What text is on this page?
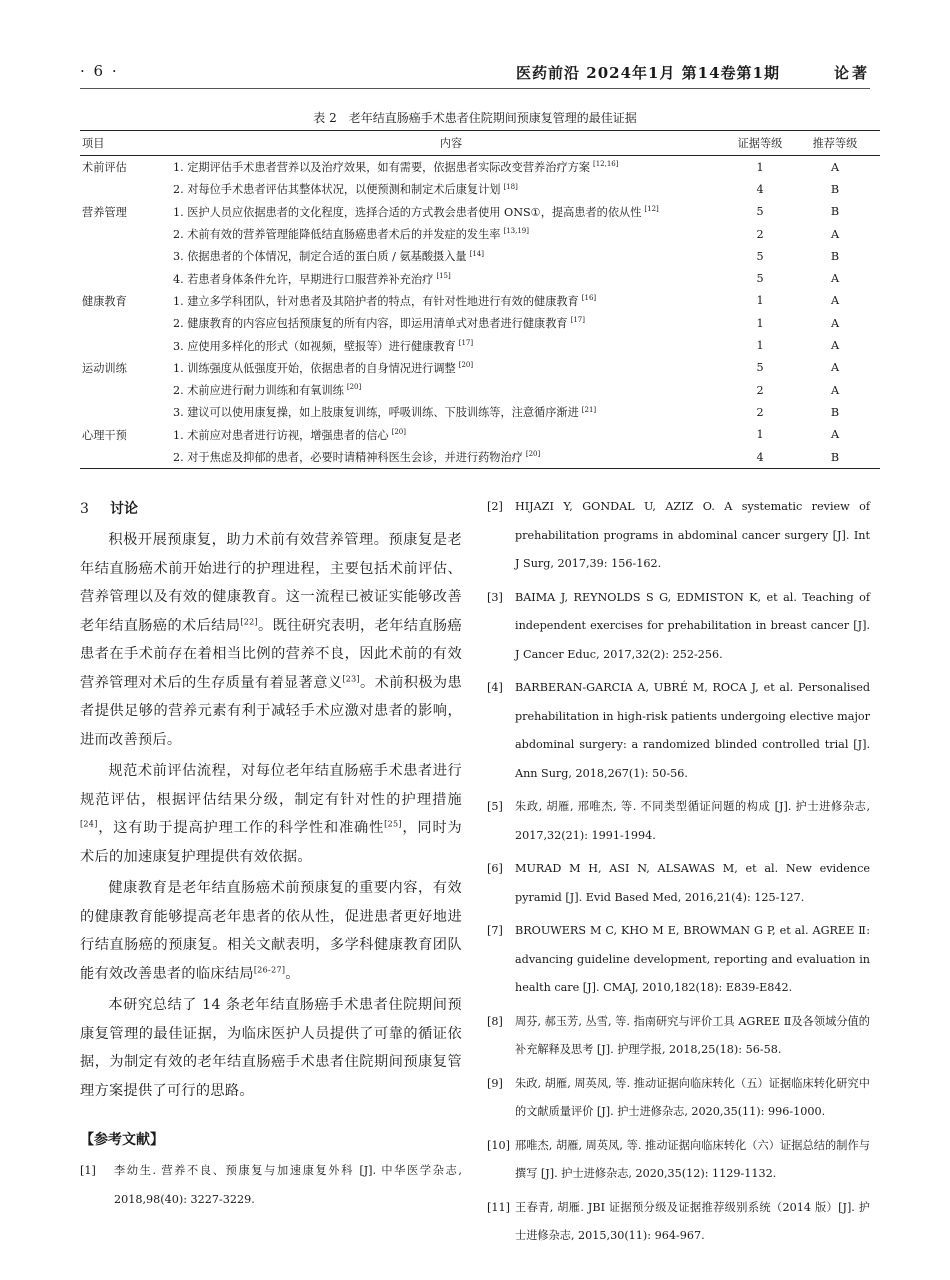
· 6 ·	医药前沿 2024年1月 第14卷第1期	论著
表 2　老年结直肠癌手术患者住院期间预康复管理的最佳证据
项目	内容	证据等级	推荐等级
术前评估	1. 定期评估手术患者营养以及治疗效果，如有需要，依据患者实际改变营养治疗方案 [12,16]	1	A
	2. 对每位手术患者评估其整体状况，以便预测和制定术后康复计划 [18]	4	B
营养管理	1. 医护人员应依据患者的文化程度，选择合适的方式教会患者使用 ONS①，提高患者的依从性 [12]	5	B
	2. 术前有效的营养管理能降低结直肠癌患者术后的并发症的发生率 [13,19]	2	A
	3. 依据患者的个体情况，制定合适的蛋白质 / 氨基酸摄入量 [14]	5	B
	4. 若患者身体条件允许，早期进行口服营养补充治疗 [15]	5	A
健康教育	1. 建立多学科团队，针对患者及其陪护者的特点，有针对性地进行有效的健康教育 [16]	1	A
	2. 健康教育的内容应包括预康复的所有内容，即运用清单式对患者进行健康教育 [17]	1	A
	3. 应使用多样化的形式（如视频，壁报等）进行健康教育 [17]	1	A
运动训练	1. 训练强度从低强度开始，依据患者的自身情况进行调整 [20]	5	A
	2. 术前应进行耐力训练和有氧训练 [20]	2	A
	3. 建议可以使用康复操，如上肢康复训练，呼吸训练、下肢训练等，注意循序渐进 [21]	2	B
心理干预	1. 术前应对患者进行访视，增强患者的信心 [20]	1	A
	2. 对于焦虑及抑郁的患者，必要时请精神科医生会诊，并进行药物治疗 [20]	4	B
3 讨论

积极开展预康复，助力术前有效营养管理。预康复是老年结直肠癌术前开始进行的护理进程，主要包括术前评估、营养管理以及有效的健康教育。这一流程已被证实能够改善老年结直肠癌的术后结局[22]。既往研究表明，老年结直肠癌患者在手术前存在着相当比例的营养不良，因此术前的有效营养管理对术后的生存质量有着显著意义[23]。术前积极为患者提供足够的营养元素有利于减轻手术应激对患者的影响，进而改善预后。

规范术前评估流程，对每位老年结直肠癌手术患者进行规范评估，根据评估结果分级，制定有针对性的护理措施[24]，这有助于提高护理工作的科学性和准确性[25]，同时为术后的加速康复护理提供有效依据。

健康教育是老年结直肠癌术前预康复的重要内容，有效的健康教育能够提高老年患者的依从性，促进患者更好地进行结直肠癌的预康复。相关文献表明，多学科健康教育团队能有效改善患者的临床结局[26-27]。

本研究总结了 14 条老年结直肠癌手术患者住院期间预康复管理的最佳证据，为临床医护人员提供了可靠的循证依据，为制定有效的老年结直肠癌手术患者住院期间预康复管理方案提供了可行的思路。

【参考文献】

[1] 李幼生. 营养不良、预康复与加速康复外科 [J]. 中华医学杂志, 2018,98(40): 3227-3229.

[2] HIJAZI Y, GONDAL U, AZIZ O. A systematic review of prehabilitation programs in abdominal cancer surgery [J]. Int J Surg, 2017,39: 156-162.

[3] BAIMA J, REYNOLDS S G, EDMISTON K, et al. Teaching of independent exercises for prehabilitation in breast cancer [J]. J Cancer Educ, 2017,32(2): 252-256.

[4] BARBERAN-GARCIA A, UBRÉ M, ROCA J, et al. Personalised prehabilitation in high-risk patients undergoing elective major abdominal surgery: a randomized blinded controlled trial [J]. Ann Surg, 2018,267(1): 50-56.

[5] 朱政, 胡雁, 邢唯杰, 等. 不同类型循证问题的构成 [J]. 护士进修杂志, 2017,32(21): 1991-1994.

[6] MURAD M H, ASI N, ALSAWAS M, et al. New evidence pyramid [J]. Evid Based Med, 2016,21(4): 125-127.

[7] BROUWERS M C, KHO M E, BROWMAN G P, et al. AGREE Ⅱ: advancing guideline development, reporting and evaluation in health care [J]. CMAJ, 2010,182(18): E839-E842.

[8] 周芬, 郝玉芳, 丛雪, 等. 指南研究与评价工具 AGREE Ⅱ及各领域分值的补充解释及思考 [J]. 护理学报, 2018,25(18): 56-58.

[9] 朱政, 胡雁, 周英凤, 等. 推动证据向临床转化（五）证据临床转化研究中的文献质量评价 [J]. 护士进修杂志, 2020,35(11): 996-1000.

[10] 邢唯杰, 胡雁, 周英凤, 等. 推动证据向临床转化（六）证据总结的制作与撰写 [J]. 护士进修杂志, 2020,35(12): 1129-1132.

[11] 王春青, 胡雁. JBI 证据预分级及证据推荐级别系统（2014 版）[J]. 护士进修杂志, 2015,30(11): 964-967.
